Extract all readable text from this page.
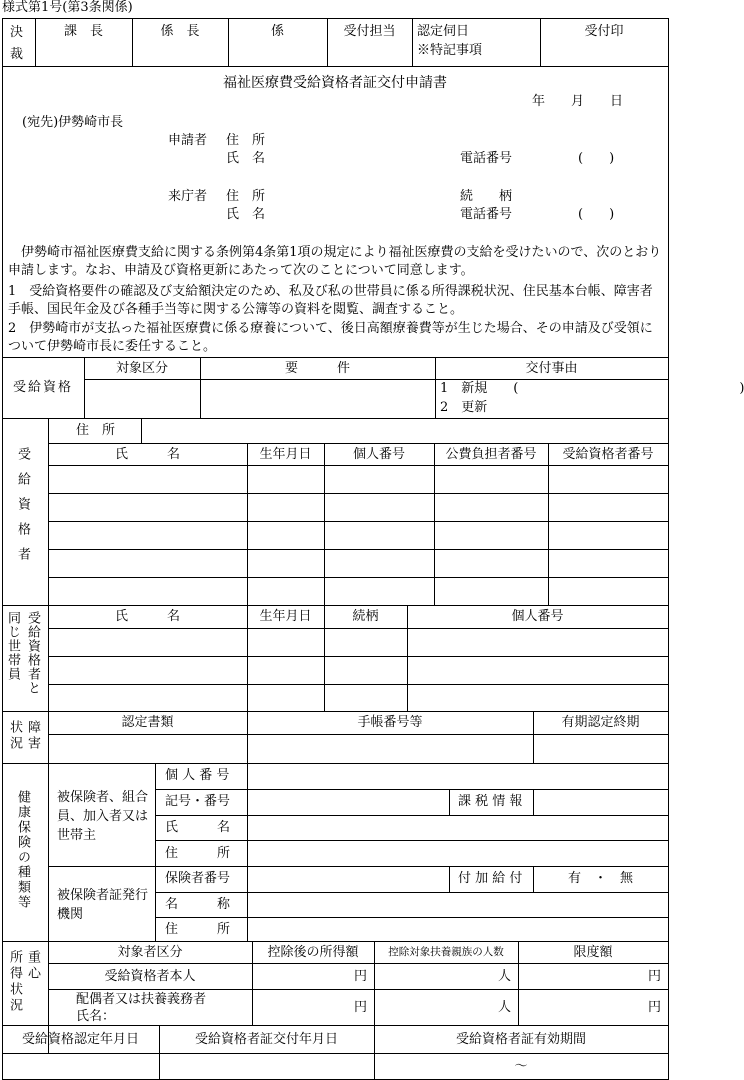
様式第1号(第3条関係)
決 裁
課　長	係　長	係	受付担当	認定伺日
※特記事項
受付印
福祉医療費受給資格者証交付申請書
年　　月　　日
(宛先)伊勢崎市長
申請者 住　所
氏　名	電話番号	(　　)
来庁者 住　所	続　　柄
氏　名	電話番号	(　　)
　伊勢崎市福祉医療費支給に関する条例第4条第1項の規定により福祉医療費の支給を受けたいので、次のとおり申請します。なお、申請及び資格更新にあたって次のことについて同意します。
1　受給資格要件の確認及び支給額決定のため、私及び私の世帯員に係る所得課税状況、住民基本台帳、障害者手帳、国民年金及び各種手当等に関する公簿等の資料を閲覧、調査すること。
2　伊勢崎市が支払った福祉医療費に係る療養について、後日高額療養費等が生じた場合、その申請及び受領について伊勢崎市長に委任すること。
受給資格
対象区分	要　　　件	交付事由
1　新規　　(　　　　　　　　　　　　　　　　　)
2　更新
受給資格者
住　所
氏　　　名	生年月日	個人番号	公費負担者番号	受給資格者番号
受給資格者と
同じ世帯員	氏　　　名	生年月日	続柄	個人番号
障害
状況	認定書類	手帳番号等	有期認定終期
健康保険の種類等 被保険者、組合員、加入者又は世帯主
被保険者証発行機関
個 人 番 号
記号・番号	課 税 情 報
氏　　　名
住　　　所
保険者番号	付 加 給 付	有　・　無
名　　　称
住　　　所
重心
所得状況	対象者区分	控除後の所得額	控除対象扶養親族の人数	限度額
受給資格者本人	円	人	円
配偶者又は扶養義務者
氏名：
円	人	円
受給資格認定年月日	受給資格者証交付年月日	受給資格者証有効期間
～
